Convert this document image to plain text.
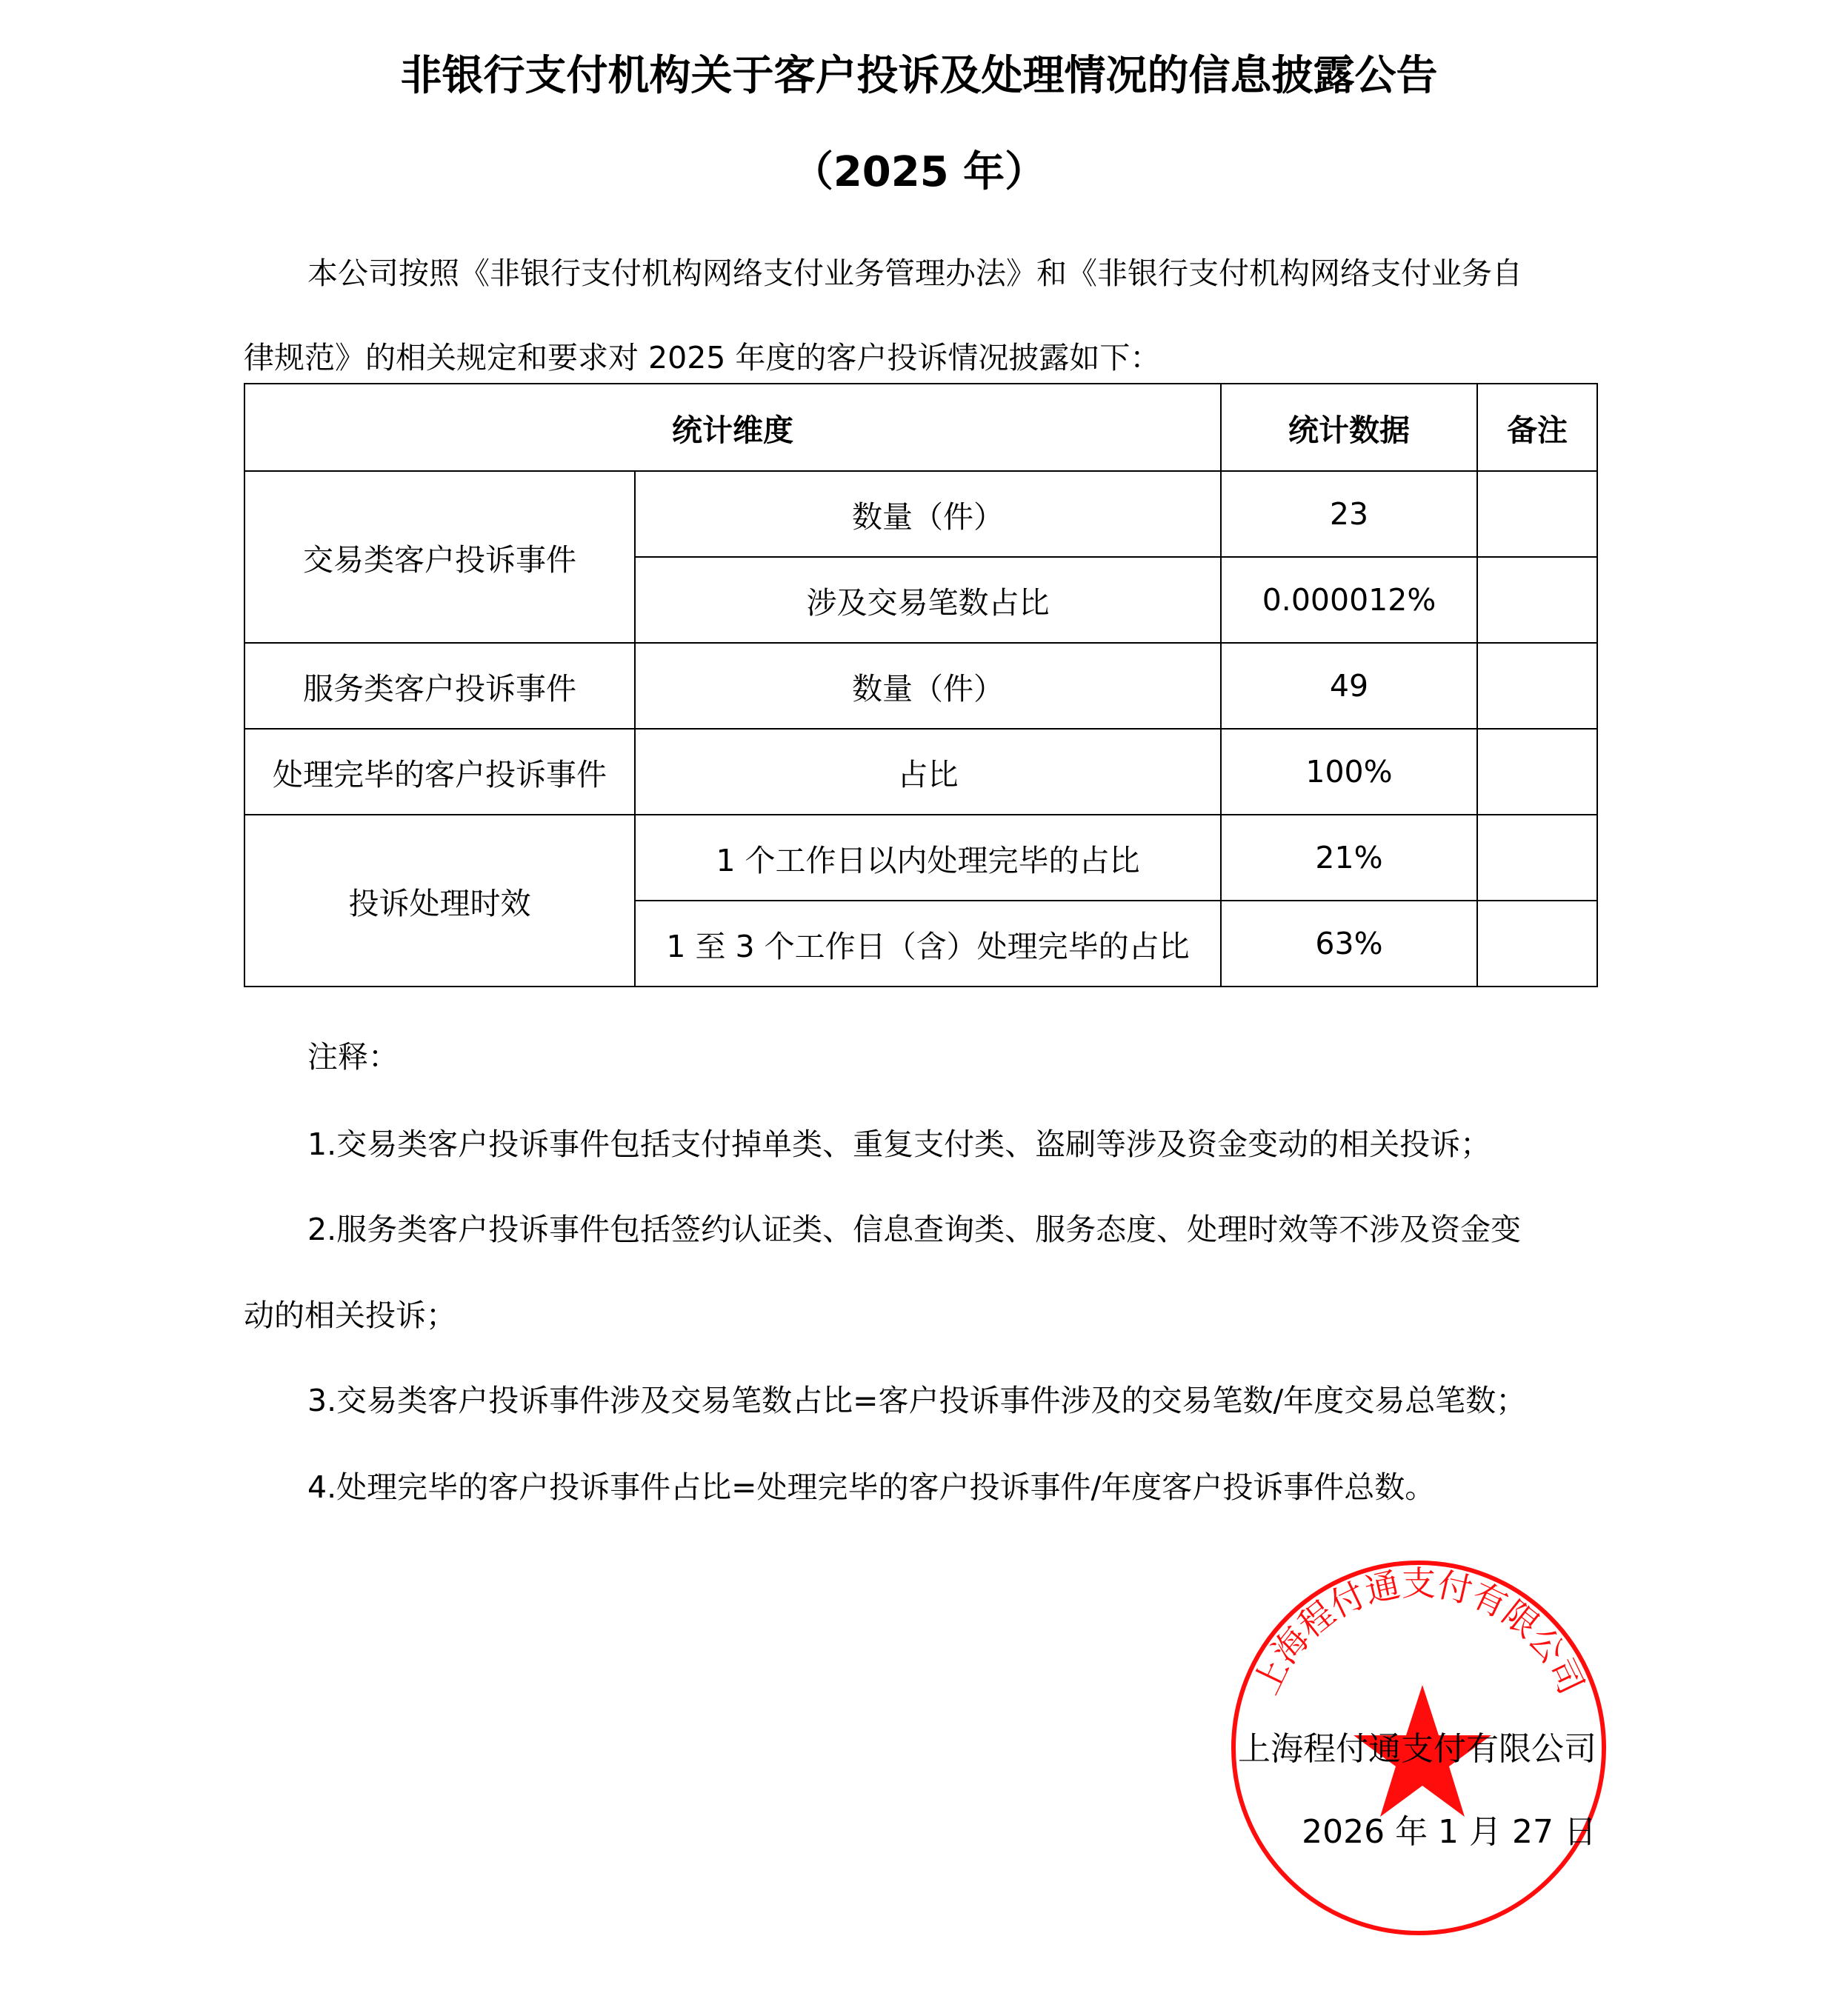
非银行支付机构关于客户投诉及处理情况的信息披露公告
（2025 年）
本公司按照《非银行支付机构网络支付业务管理办法》和《非银行支付机构网络支付业务自
律规范》的相关规定和要求对 2025 年度的客户投诉情况披露如下：
统计维度		统计数据	备注
交易类客户投诉事件	数量（件）	23	
	涉及交易笔数占比	0.000012%	
服务类客户投诉事件	数量（件）	49	
处理完毕的客户投诉事件	占比	100%	
投诉处理时效	1 个工作日以内处理完毕的占比	21%	
	1 至 3 个工作日（含）处理完毕的占比	63%	
注释：
1.交易类客户投诉事件包括支付掉单类、重复支付类、盗刷等涉及资金变动的相关投诉；
2.服务类客户投诉事件包括签约认证类、信息查询类、服务态度、处理时效等不涉及资金变
动的相关投诉；
3.交易类客户投诉事件涉及交易笔数占比=客户投诉事件涉及的交易笔数/年度交易总笔数；
4.处理完毕的客户投诉事件占比=处理完毕的客户投诉事件/年度客户投诉事件总数。
上海程付通支付有限公司
上海程付通支付有限公司
2026 年 1 月 27 日
